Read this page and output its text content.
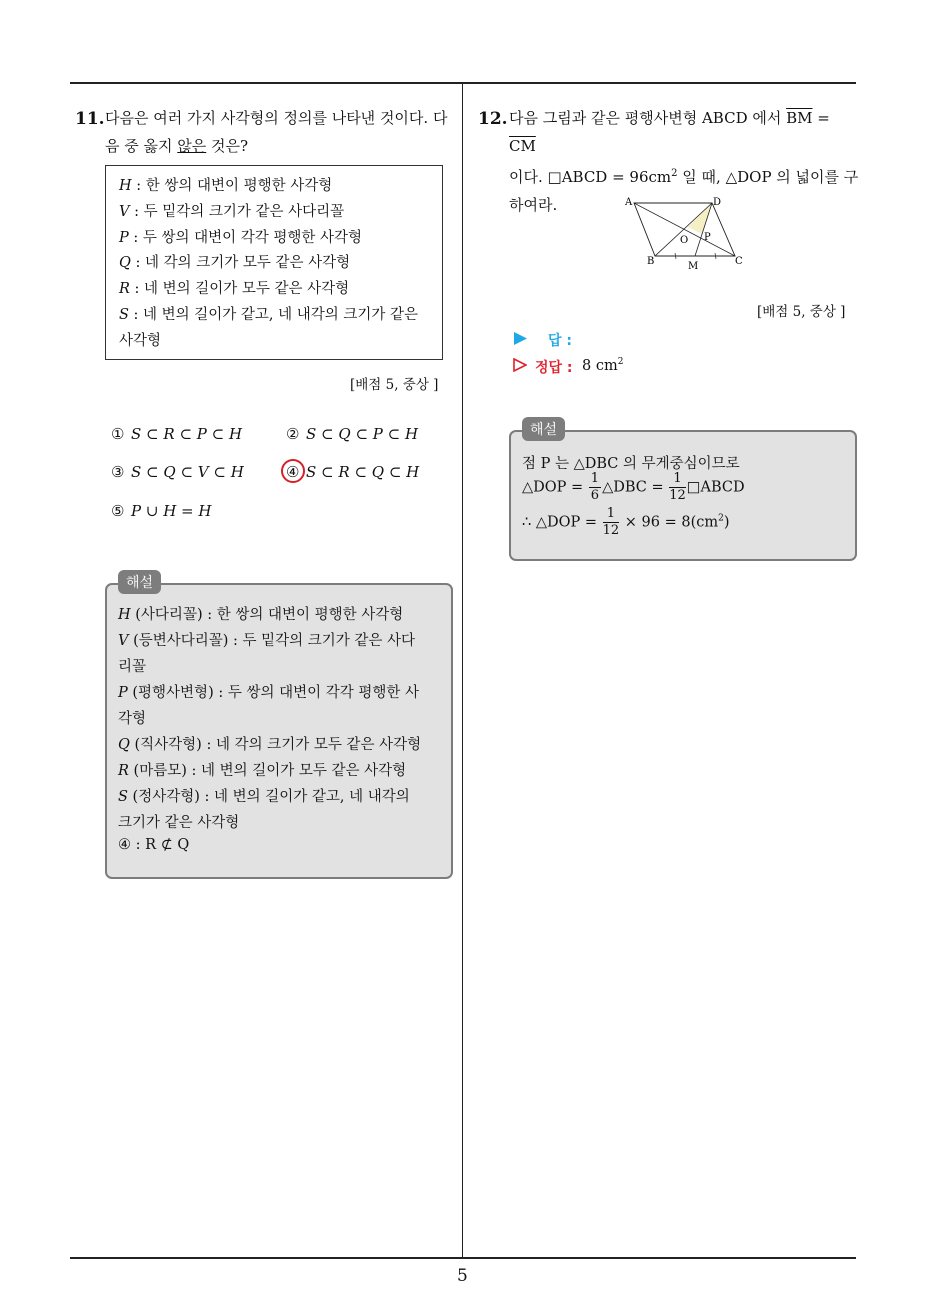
11. 다음은 여러 가지 사각형의 정의를 나타낸 것이다. 다
음 중 옳지 않은 것은?
H : 한 쌍의 대변이 평행한 사각형
V : 두 밑각의 크기가 같은 사다리꼴
P : 두 쌍의 대변이 각각 평행한 사각형
Q : 네 각의 크기가 모두 같은 사각형
R : 네 변의 길이가 모두 같은 사각형
S : 네 변의 길이가 같고, 네 내각의 크기가 같은
사각형
[배점 5, 중상 ]
① S ⊂ R ⊂ P ⊂ H	② S ⊂ Q ⊂ P ⊂ H
③ S ⊂ Q ⊂ V ⊂ H	④ S ⊂ R ⊂ Q ⊂ H
⑤ P ∪ H = H
해설
H (사다리꼴) : 한 쌍의 대변이 평행한 사각형
V (등변사다리꼴) : 두 밑각의 크기가 같은 사다
리꼴
P (평행사변형) : 두 쌍의 대변이 각각 평행한 사
각형
Q (직사각형) : 네 각의 크기가 모두 같은 사각형
R (마름모) : 네 변의 길이가 모두 같은 사각형
S (정사각형) : 네 변의 길이가 같고, 네 내각의
크기가 같은 사각형
④ : R ⊄ Q
12. 다음 그림과 같은 평행사변형 ABCD 에서 $\overline{BM} = \overline{CM}$
이다. □ABCD = $96cm^2$ 일 때, △DOP 의 넓이를 구
하여라.	A	D
B	C
M
O P
[배점 5, 중상 ]
답 :
정답 : 8 $cm^2$
해설
점 P 는 △DBC 의 무게중심이므로
△DOP = $\frac{1}{6}$ △DBC = $\frac{1}{12}$ □ABCD
∴ △DOP = $\frac{1}{12} \times 96 = 8(cm^2)$
5
